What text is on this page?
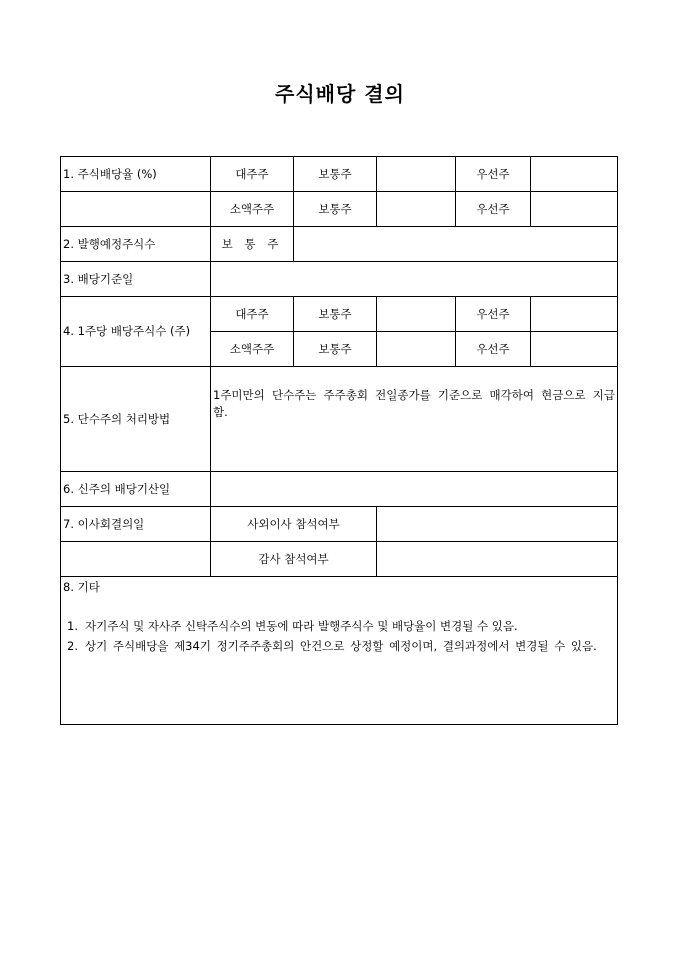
주식배당 결의
1. 주식배당율 (%)	대주주	보통주		우선주	
	소액주주	보통주		우선주	
2. 발행예정주식수	보 통 주				
3. 배당기준일					
4. 1주당 배당주식수 (주)	대주주	보통주		우선주	
	소액주주	보통주		우선주	
5. 단수주의 처리방법	1주미만의 단수주는 주주총회 전일종가를 기준으로 매각하여 현금으로 지급함.				
6. 신주의 배당기산일					
7. 이사회결의일	사외이사 참석여부				
	감사 참석여부				

8. 기타
1. 자기주식 및 자사주 신탁주식수의 변동에 따라 발행주식수 및 배당율이 변경될 수 있음.
2. 상기 주식배당을 제34기 정기주주총회의 안건으로 상정할 예정이며, 결의과정에서 변경될 수 있음.					
